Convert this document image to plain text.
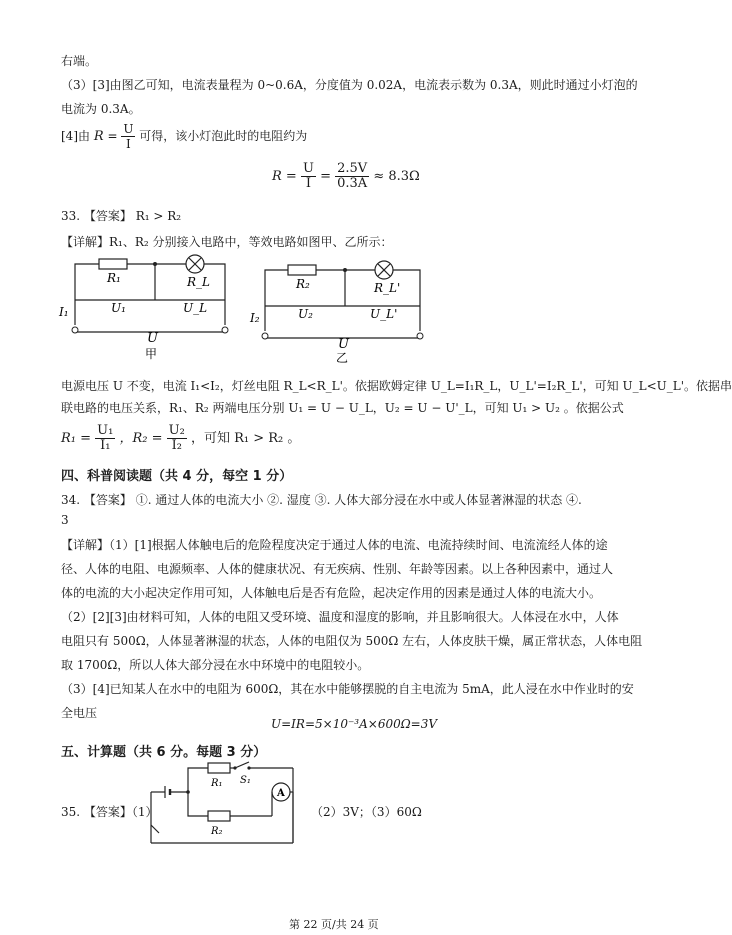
右端。
（3）[3]由图乙可知，电流表量程为 0~0.6A，分度值为 0.02A，电流表示数为 0.3A，则此时通过小灯泡的
电流为 0.3A。
[4]由 $R = \frac{U}{I}$ 可得，该小灯泡此时的电阻约为
$R = \frac{U}{I} = \frac{2.5V}{0.3A} \approx 8.3\Omega$
33. 【答案】 R₁ > R₂
【详解】R₁、R₂ 分别接入电路中，等效电路如图甲、乙所示：
R₁	R_L
U₁	U_L
U
I₁
甲
R₂	R_L'
U₂	U_L'
U
I₂
乙
电源电压 U 不变，电流 I₁<I₂，灯丝电阻 R_L<R_L'。依据欧姆定律 U_L=I₁R_L，U_L'=I₂R_L'，可知 U_L<U_L'。依据串
联电路的电压关系，R₁、R₂ 两端电压分别 U₁ = U − U_L，U₂ = U − U'_L，可知 U₁ > U₂ 。依据公式
$R_1 = \frac{\text{U₁}}{\text{I₁}}$ ，$R_2 = \frac{\text{U₂}}{\text{I₂}}$ ，可知 R₁ > R₂ 。
四、科普阅读题（共 4 分，每空 1 分）
34. 【答案】 ①. 通过人体的电流大小 ②. 湿度 ③. 人体大部分浸在水中或人体显著淋湿的状态 ④.
3
【详解】（1）[1]根据人体触电后的危险程度决定于通过人体的电流、电流持续时间、电流流经人体的途
径、人体的电阻、电源频率、人体的健康状况、有无疾病、性别、年龄等因素。以上各种因素中，通过人
体的电流的大小起决定作用可知，人体触电后是否有危险，起决定作用的因素是通过人体的电流大小。
（2）[2][3]由材料可知，人体的电阻又受环境、温度和湿度的影响，并且影响很大。人体浸在水中，人体
电阻只有 500Ω，人体显著淋湿的状态，人体的电阻仅为 500Ω 左右，人体皮肤干燥，属正常状态，人体电阻
取 1700Ω，所以人体大部分浸在水中环境中的电阻较小。
（3）[4]已知某人在水中的电阻为 600Ω，其在水中能够摆脱的自主电流为 5mA，此人浸在水中作业时的安
全电压
U=IR=5×10⁻³A×600Ω=3V
五、计算题（共 6 分。每题 3 分）
35. 【答案】（1）
R₁ S₁
R₂
A
（2）3V；（3）60Ω
第 22 页/共 24 页
